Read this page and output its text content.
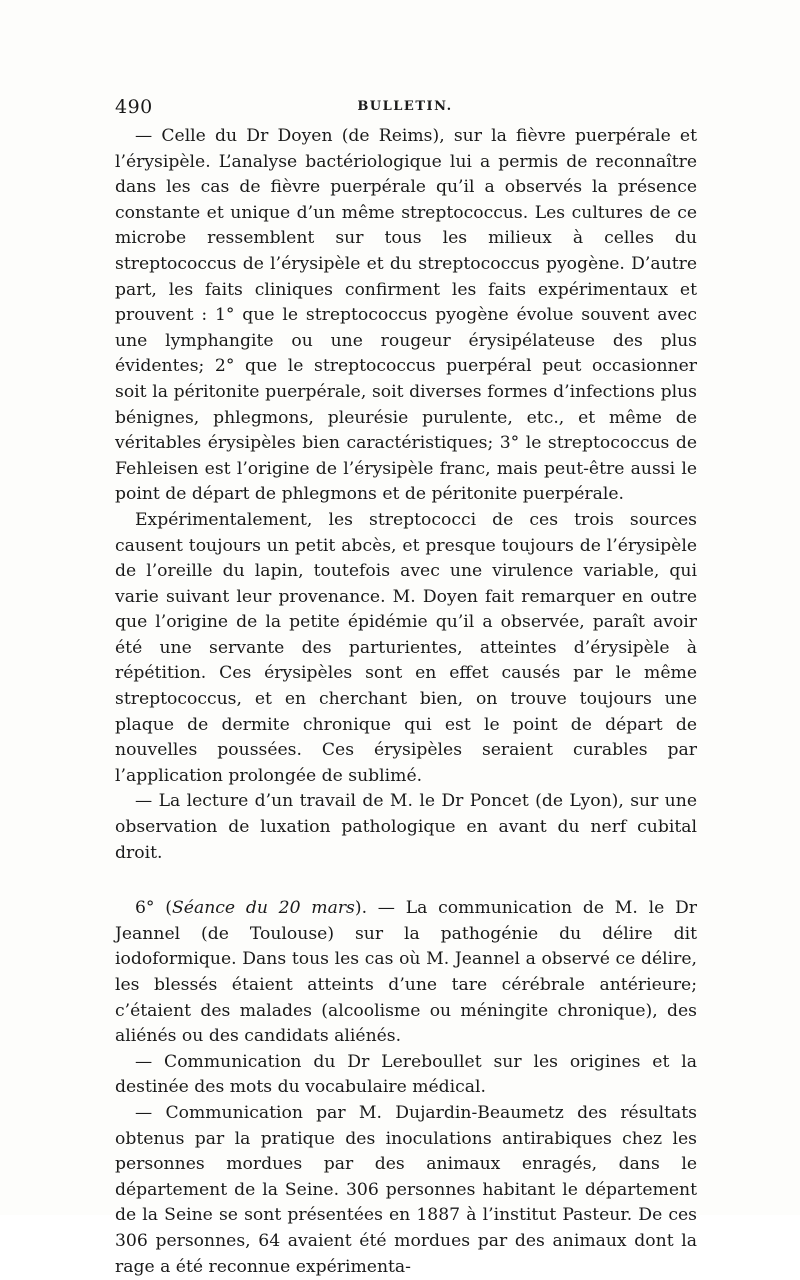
490	BULLETIN.

— Celle du Dr Doyen (de Reims), sur la fièvre puerpérale et l’érysipèle. L’analyse bactériologique lui a permis de reconnaître dans les cas de fièvre puerpérale qu’il a observés la présence constante et unique d’un même streptococcus. Les cultures de ce microbe ressemblent sur tous les milieux à celles du streptococcus de l’érysipèle et du streptococcus pyogène. D’autre part, les faits cliniques confirment les faits expérimentaux et prouvent : 1° que le streptococcus pyogène évolue souvent avec une lymphangite ou une rougeur érysipélateuse des plus évidentes; 2° que le streptococcus puerpéral peut occasionner soit la péritonite puerpérale, soit diverses formes d’infections plus bénignes, phlegmons, pleurésie purulente, etc., et même de véritables érysipèles bien caractéristiques; 3° le streptococcus de Fehleisen est l’origine de l’érysipèle franc, mais peut-être aussi le point de départ de phlegmons et de péritonite puerpérale.

Expérimentalement, les streptococci de ces trois sources causent toujours un petit abcès, et presque toujours de l’érysipèle de l’oreille du lapin, toutefois avec une virulence variable, qui varie suivant leur provenance. M. Doyen fait remarquer en outre que l’origine de la petite épidémie qu’il a observée, paraît avoir été une servante des parturientes, atteintes d’érysipèle à répétition. Ces érysipèles sont en effet causés par le même streptococcus, et en cherchant bien, on trouve toujours une plaque de dermite chronique qui est le point de départ de nouvelles poussées. Ces érysipèles seraient curables par l’application prolongée de sublimé.

— La lecture d’un travail de M. le Dr Poncet (de Lyon), sur une observation de luxation pathologique en avant du nerf cubital droit.

6° (Séance du 20 mars). — La communication de M. le Dr Jeannel (de Toulouse) sur la pathogénie du délire dit iodoformique. Dans tous les cas où M. Jeannel a observé ce délire, les blessés étaient atteints d’une tare cérébrale antérieure; c’étaient des malades (alcoolisme ou méningite chronique), des aliénés ou des candidats aliénés.

— Communication du Dr Lereboullet sur les origines et la destinée des mots du vocabulaire médical.

— Communication par M. Dujardin-Beaumetz des résultats obtenus par la pratique des inoculations antirabiques chez les personnes mordues par des animaux enragés, dans le département de la Seine. 306 personnes habitant le département de la Seine se sont présentées en 1887 à l’institut Pasteur. De ces 306 personnes, 64 avaient été mordues par des animaux dont la rage a été reconnue expérimenta-
